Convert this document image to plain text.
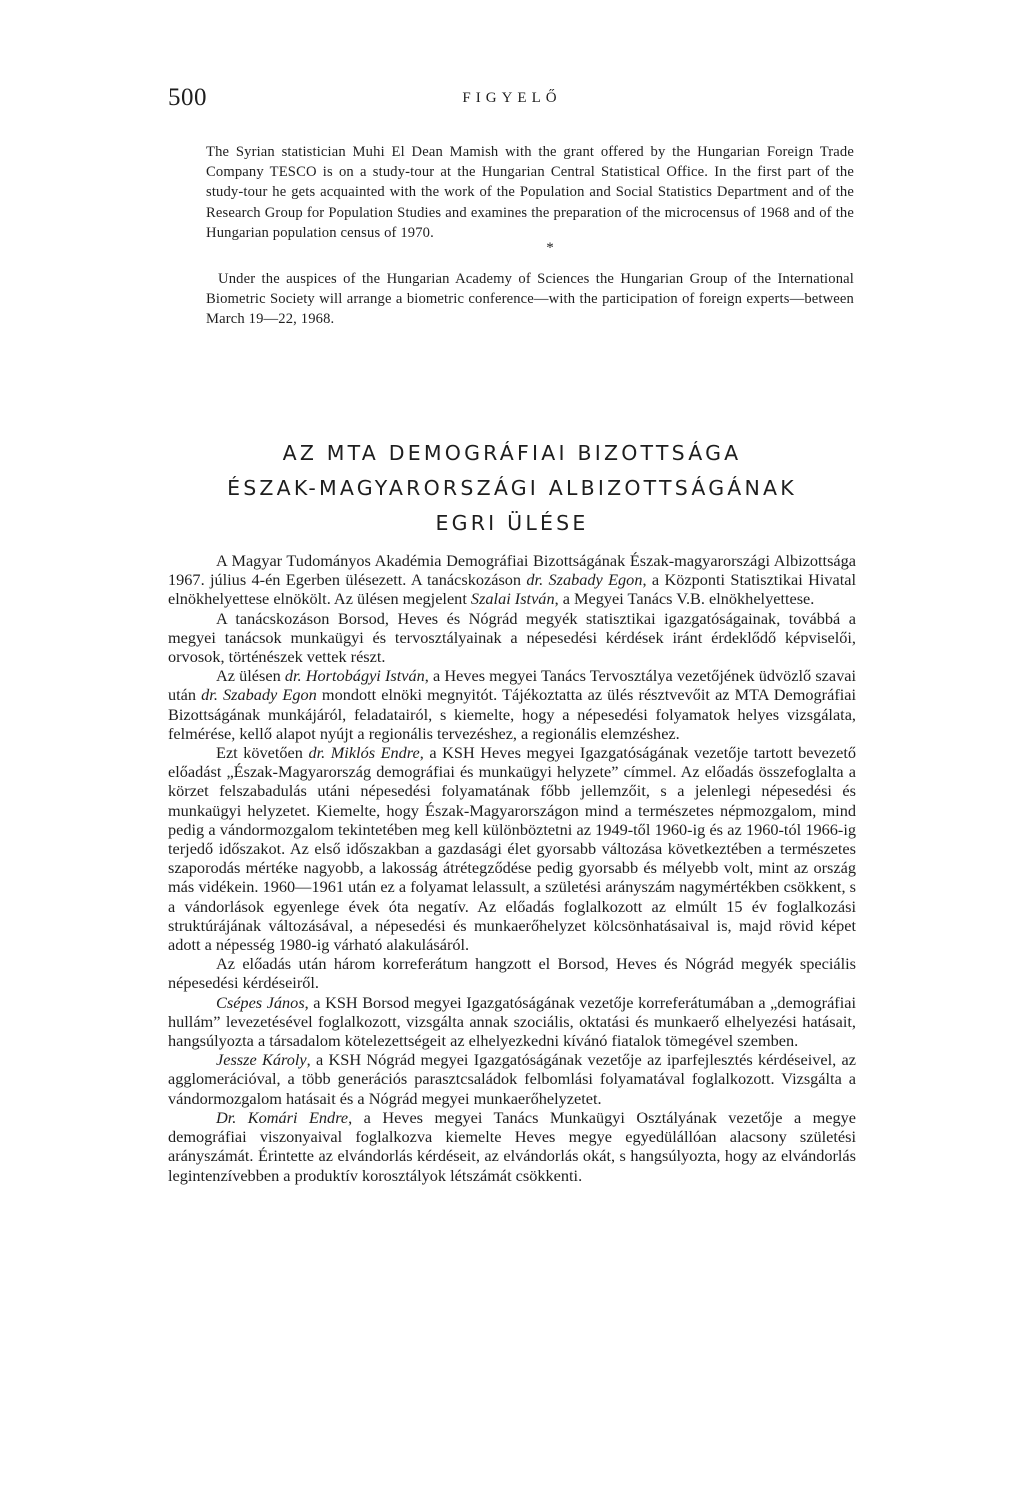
500	FIGYELŐ

The Syrian statistician Muhi El Dean Mamish with the grant offered by the Hungarian Foreign Trade Company TESCO is on a study-tour at the Hungarian Central Statistical Office. In the first part of the study-tour he gets acquainted with the work of the Population and Social Statistics Department and of the Research Group for Population Studies and examines the preparation of the microcensus of 1968 and of the Hungarian population census of 1970.

*

Under the auspices of the Hungarian Academy of Sciences the Hungarian Group of the International Biometric Society will arrange a biometric conference—with the participation of foreign experts—between March 19—22, 1968.

AZ MTA DEMOGRÁFIAI BIZOTTSÁGA
ÉSZAK-MAGYARORSZÁGI ALBIZOTTSÁGÁNAK
EGRI ÜLÉSE

A Magyar Tudományos Akadémia Demográfiai Bizottságának Észak-magyarországi Albizottsága 1967. július 4-én Egerben ülésezett. A tanácskozáson dr. Szabady Egon, a Központi Statisztikai Hivatal elnökhelyettese elnökölt. Az ülésen megjelent Szalai István, a Megyei Tanács V.B. elnökhelyettese.

A tanácskozáson Borsod, Heves és Nógrád megyék statisztikai igazgatóságainak, továbbá a megyei tanácsok munkaügyi és tervosztályainak a népesedési kérdések iránt érdeklődő képviselői, orvosok, történészek vettek részt.

Az ülésen dr. Hortobágyi István, a Heves megyei Tanács Tervosztálya vezetőjének üdvözlő szavai után dr. Szabady Egon mondott elnöki megnyitót. Tájékoztatta az ülés résztvevőit az MTA Demográfiai Bizottságának munkájáról, feladatairól, s kiemelte, hogy a népesedési folyamatok helyes vizsgálata, felmérése, kellő alapot nyújt a regionális tervezéshez, a regionális elemzéshez.

Ezt követően dr. Miklós Endre, a KSH Heves megyei Igazgatóságának vezetője tartott bevezető előadást „Észak-Magyarország demográfiai és munkaügyi helyzete” címmel. Az előadás összefoglalta a körzet felszabadulás utáni népesedési folyamatának főbb jellemzőit, s a jelenlegi népesedési és munkaügyi helyzetet. Kiemelte, hogy Észak-Magyarországon mind a természetes népmozgalom, mind pedig a vándormozgalom tekintetében meg kell különböztetni az 1949-től 1960-ig és az 1960-tól 1966-ig terjedő időszakot. Az első időszakban a gazdasági élet gyorsabb változása következtében a természetes szaporodás mértéke nagyobb, a lakosság átrétegződése pedig gyorsabb és mélyebb volt, mint az ország más vidékein. 1960—1961 után ez a folyamat lelassult, a születési arányszám nagymértékben csökkent, s a vándorlások egyenlege évek óta negatív. Az előadás foglalkozott az elmúlt 15 év foglalkozási struktúrájának változásával, a népesedési és munkaerőhelyzet kölcsönhatásaival is, majd rövid képet adott a népesség 1980-ig várható alakulásáról.

Az előadás után három korreferátum hangzott el Borsod, Heves és Nógrád megyék speciális népesedési kérdéseiről.

Csépes János, a KSH Borsod megyei Igazgatóságának vezetője korreferátumában a „demográfiai hullám” levezetésével foglalkozott, vizsgálta annak szociális, oktatási és munkaerő elhelyezési hatásait, hangsúlyozta a társadalom kötelezettségeit az elhelyezkedni kívánó fiatalok tömegével szemben.

Jessze Károly, a KSH Nógrád megyei Igazgatóságának vezetője az iparfejlesztés kérdéseivel, az agglomerációval, a több generációs parasztcsaládok felbomlási folyamatával foglalkozott. Vizsgálta a vándormozgalom hatásait és a Nógrád megyei munkaerőhelyzetet.

Dr. Komári Endre, a Heves megyei Tanács Munkaügyi Osztályának vezetője a megye demográfiai viszonyaival foglalkozva kiemelte Heves megye egyedülállóan alacsony születési arányszámát. Érintette az elvándorlás kérdéseit, az elvándorlás okát, s hangsúlyozta, hogy az elvándorlás legintenzívebben a produktív korosztályok létszámát csökkenti.
